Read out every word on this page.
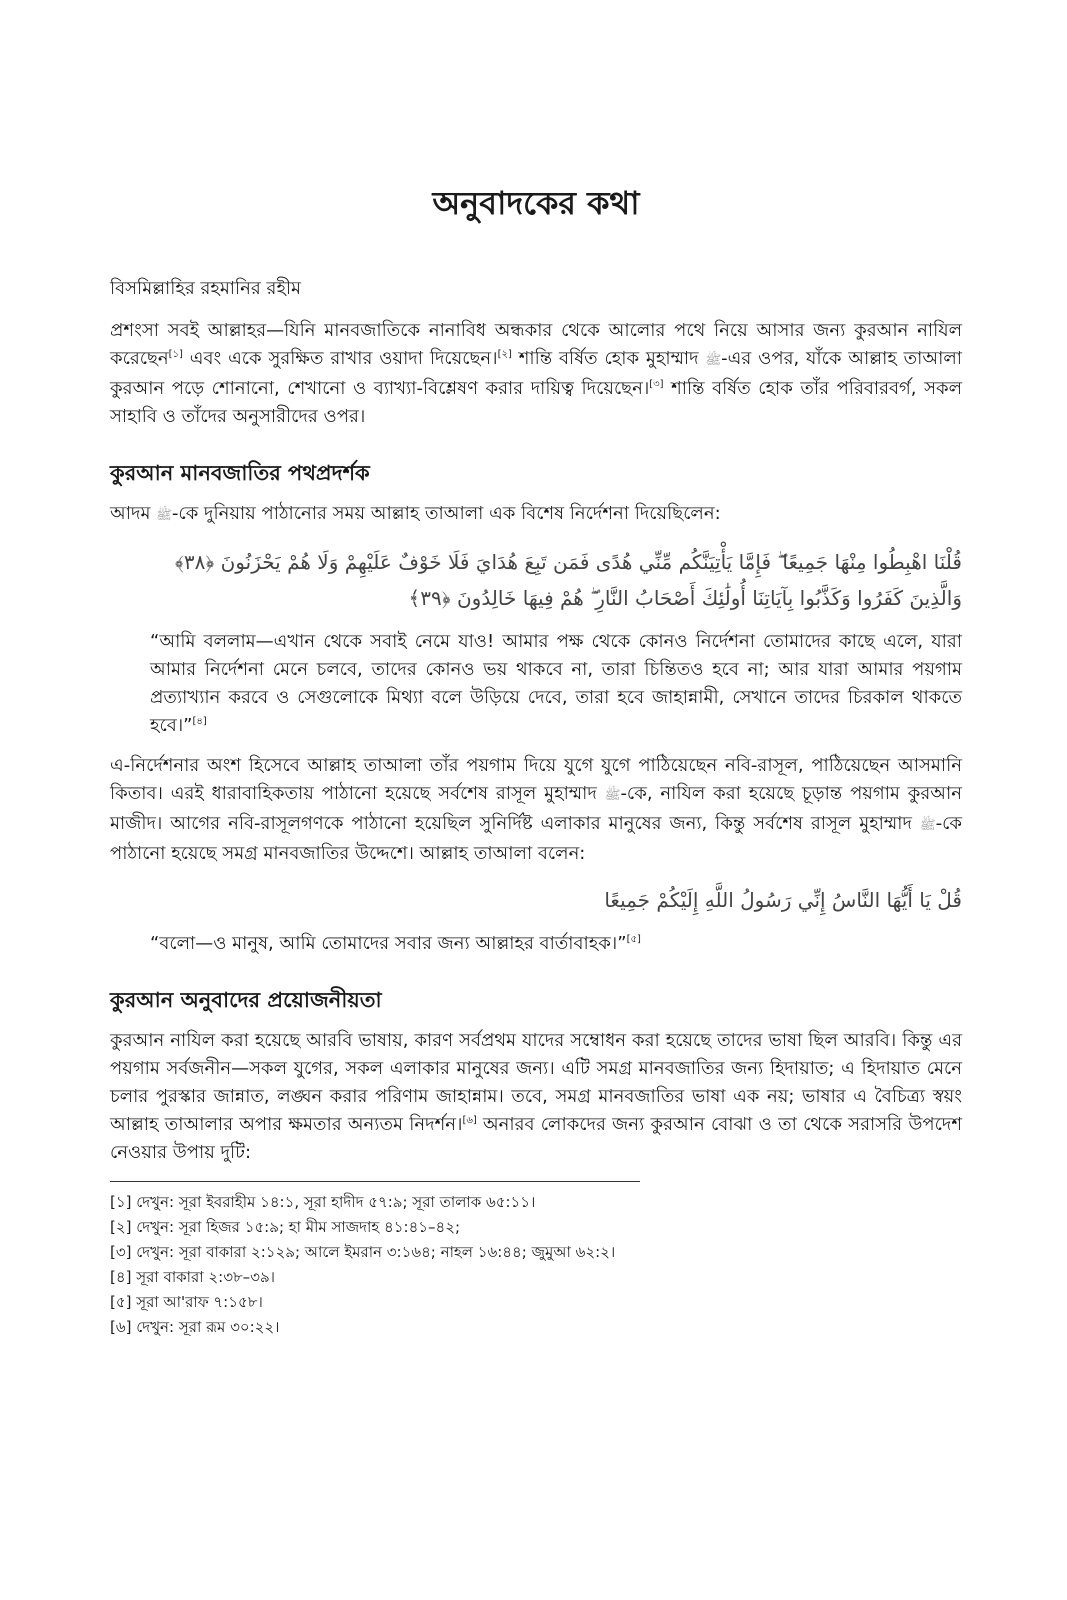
অনুবাদকের কথা
বিসমিল্লাহির রহমানির রহীম

প্রশংসা সবই আল্লাহর—যিনি মানবজাতিকে নানাবিধ অন্ধকার থেকে আলোর পথে নিয়ে আসার জন্য কুরআন নাযিল করেছেন[১] এবং একে সুরক্ষিত রাখার ওয়াদা দিয়েছেন।[২] শান্তি বর্ষিত হোক মুহাম্মাদ ﷺ-এর ওপর, যাঁকে আল্লাহ তাআলা কুরআন পড়ে শোনানো, শেখানো ও ব্যাখ্যা-বিশ্লেষণ করার দায়িত্ব দিয়েছেন।[৩] শান্তি বর্ষিত হোক তাঁর পরিবারবর্গ, সকল সাহাবি ও তাঁদের অনুসারীদের ওপর।

কুরআন মানবজাতির পথপ্রদর্শক

আদম ﷺ-কে দুনিয়ায় পাঠানোর সময় আল্লাহ তাআলা এক বিশেষ নির্দেশনা দিয়েছিলেন:

قُلْنَا اهْبِطُوا مِنْهَا جَمِيعًا ۖ فَإِمَّا يَأْتِيَنَّكُم مِّنِّي هُدًى فَمَن تَبِعَ هُدَايَ فَلَا خَوْفٌ عَلَيْهِمْ وَلَا هُمْ يَحْزَنُونَ ﴿٣٨﴾ وَالَّذِينَ كَفَرُوا وَكَذَّبُوا بِآيَاتِنَا أُولَٰئِكَ أَصْحَابُ النَّارِ ۖ هُمْ فِيهَا خَالِدُونَ ﴿٣٩﴾

“আমি বললাম—এখান থেকে সবাই নেমে যাও! আমার পক্ষ থেকে কোনও নির্দেশনা তোমাদের কাছে এলে, যারা আমার নির্দেশনা মেনে চলবে, তাদের কোনও ভয় থাকবে না, তারা চিন্তিতও হবে না; আর যারা আমার পয়গাম প্রত্যাখ্যান করবে ও সেগুলোকে মিথ্যা বলে উড়িয়ে দেবে, তারা হবে জাহান্নামী, সেখানে তাদের চিরকাল থাকতে হবে।”[৪]

এ-নির্দেশনার অংশ হিসেবে আল্লাহ তাআলা তাঁর পয়গাম দিয়ে যুগে যুগে পাঠিয়েছেন নবি-রাসূল, পাঠিয়েছেন আসমানি কিতাব। এরই ধারাবাহিকতায় পাঠানো হয়েছে সর্বশেষ রাসূল মুহাম্মাদ ﷺ-কে, নাযিল করা হয়েছে চূড়ান্ত পয়গাম কুরআন মাজীদ। আগের নবি-রাসূলগণকে পাঠানো হয়েছিল সুনির্দিষ্ট এলাকার মানুষের জন্য, কিন্তু সর্বশেষ রাসূল মুহাম্মাদ ﷺ-কে পাঠানো হয়েছে সমগ্র মানবজাতির উদ্দেশে। আল্লাহ তাআলা বলেন:

قُلْ يَا أَيُّهَا النَّاسُ إِنِّي رَسُولُ اللَّهِ إِلَيْكُمْ جَمِيعًا

“বলো—ও মানুষ, আমি তোমাদের সবার জন্য আল্লাহর বার্তাবাহক।”[৫]

কুরআন অনুবাদের প্রয়োজনীয়তা

কুরআন নাযিল করা হয়েছে আরবি ভাষায়, কারণ সর্বপ্রথম যাদের সম্বোধন করা হয়েছে তাদের ভাষা ছিল আরবি। কিন্তু এর পয়গাম সর্বজনীন—সকল যুগের, সকল এলাকার মানুষের জন্য। এটি সমগ্র মানবজাতির জন্য হিদায়াত; এ হিদায়াত মেনে চলার পুরস্কার জান্নাত, লঙ্ঘন করার পরিণাম জাহান্নাম। তবে, সমগ্র মানবজাতির ভাষা এক নয়; ভাষার এ বৈচিত্র্য স্বয়ং আল্লাহ তাআলার অপার ক্ষমতার অন্যতম নিদর্শন।[৬] অনারব লোকদের জন্য কুরআন বোঝা ও তা থেকে সরাসরি উপদেশ নেওয়ার উপায় দুটি:

[১] দেখুন: সূরা ইবরাহীম ১৪:১, সূরা হাদীদ ৫৭:৯; সূরা তালাক ৬৫:১১।

[২] দেখুন: সূরা হিজর ১৫:৯; হা মীম সাজদাহ ৪১:৪১–৪২;

[৩] দেখুন: সূরা বাকারা ২:১২৯; আলে ইমরান ৩:১৬৪; নাহল ১৬:৪৪; জুমুআ ৬২:২।

[৪] সূরা বাকারা ২:৩৮–৩৯।

[৫] সূরা আ'রাফ ৭:১৫৮।

[৬] দেখুন: সূরা রূম ৩০:২২।
